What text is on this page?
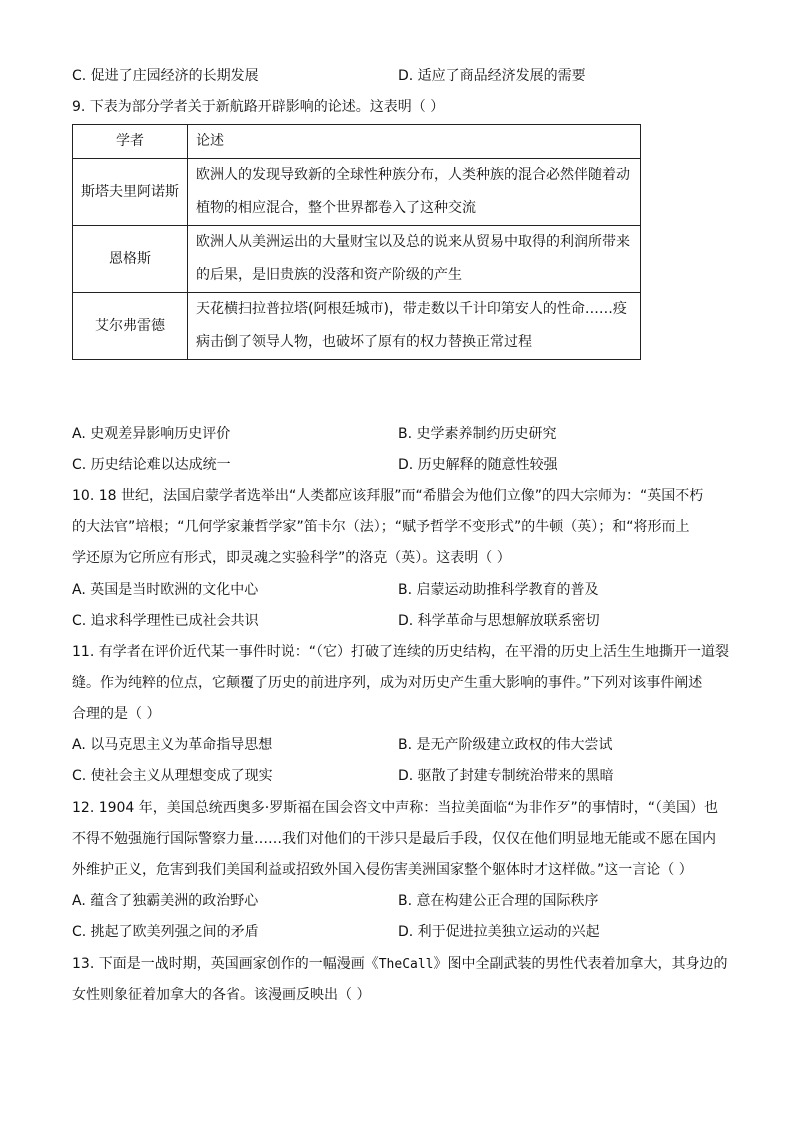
C. 促进了庄园经济的长期发展	D. 适应了商品经济发展的需要
9. 下表为部分学者关于新航路开辟影响的论述。这表明（ ）
学者	论述
斯塔夫里阿诺斯	欧洲人的发现导致新的全球性种族分布，人类种族的混合必然伴随着动
植物的相应混合，整个世界都卷入了这种交流

恩格斯	欧洲人从美洲运出的大量财宝以及总的说来从贸易中取得的利润所带来
的后果，是旧贵族的没落和资产阶级的产生

艾尔弗雷德	天花横扫拉普拉塔(阿根廷城市)，带走数以千计印第安人的性命……疫
病击倒了领导人物，也破坏了原有的权力替换正常过程
A. 史观差异影响历史评价	B. 史学素养制约历史研究
C. 历史结论难以达成统一	D. 历史解释的随意性较强
10. 18 世纪，法国启蒙学者选举出“人类都应该拜服”而“希腊会为他们立像”的四大宗师为：“英国不朽
的大法官”培根；“几何学家兼哲学家”笛卡尔（法）；“赋予哲学不变形式”的牛顿（英）；和“将形而上
学还原为它所应有形式，即灵魂之实验科学”的洛克（英）。这表明（ ）
A. 英国是当时欧洲的文化中心	B. 启蒙运动助推科学教育的普及
C. 追求科学理性已成社会共识	D. 科学革命与思想解放联系密切
11. 有学者在评价近代某一事件时说：“（它）打破了连续的历史结构，在平滑的历史上活生生地撕开一道裂
缝。作为纯粹的位点，它颠覆了历史的前进序列，成为对历史产生重大影响的事件。”下列对该事件阐述
合理的是（ ）
A. 以马克思主义为革命指导思想	B. 是无产阶级建立政权的伟大尝试
C. 使社会主义从理想变成了现实	D. 驱散了封建专制统治带来的黑暗
12. 1904 年，美国总统西奥多·罗斯福在国会咨文中声称：当拉美面临“为非作歹”的事情时，“（美国）也
不得不勉强施行国际警察力量……我们对他们的干涉只是最后手段，仅仅在他们明显地无能或不愿在国内
外维护正义，危害到我们美国利益或招致外国入侵伤害美洲国家整个躯体时才这样做。”这一言论（ ）
A. 蕴含了独霸美洲的政治野心	B. 意在构建公正合理的国际秩序
C. 挑起了欧美列强之间的矛盾	D. 利于促进拉美独立运动的兴起
13. 下面是一战时期，英国画家创作的一幅漫画《TheCall》图中全副武装的男性代表着加拿大，其身边的
女性则象征着加拿大的各省。该漫画反映出（ ）
